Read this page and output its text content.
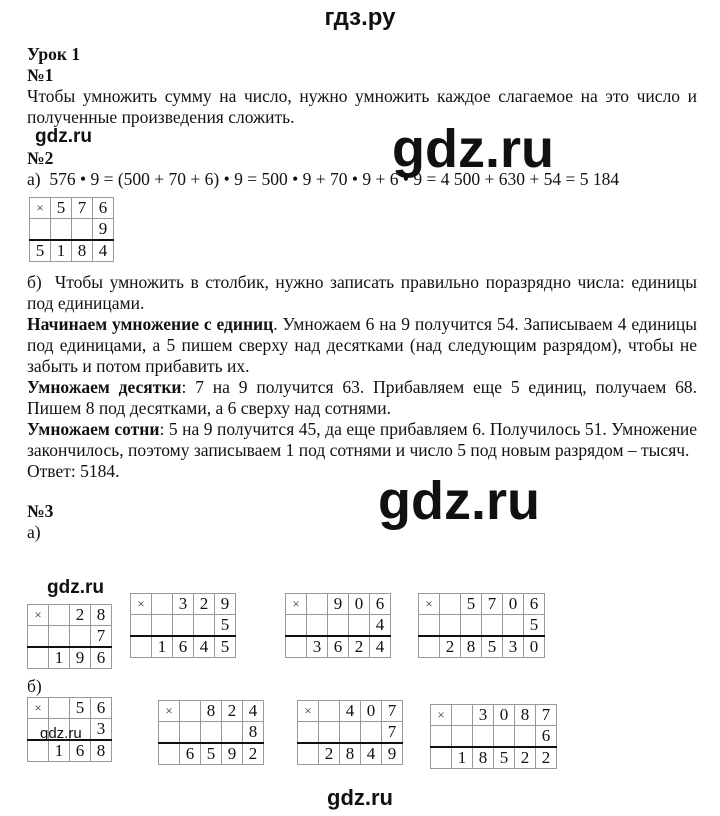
гдз.ру

Урок 1

№1

Чтобы умножить сумму на число, нужно умножить каждое слагаемое на это число и полученные произведения сложить.

№2

а) 576 • 9 = (500 + 70 + 6) • 9 = 500 • 9 + 70 • 9 + 6 • 9 = 4 500 + 630 + 54 = 5 184

б) Чтобы умножить в столбик, нужно записать правильно поразрядно числа: единицы под единицами.

Начинаем умножение с единиц. Умножаем 6 на 9 получится 54. Записываем 4 единицы под единицами, а 5 пишем сверху над десятками (над следующим разрядом), чтобы не забыть и потом прибавить их.

Умножаем десятки: 7 на 9 получится 63. Прибавляем еще 5 единиц, получаем 68. Пишем 8 под десятками, а 6 сверху над сотнями.

Умножаем сотни: 5 на 9 получится 45, да еще прибавляем 6. Получилось 51. Умножение закончилось, поэтому записываем 1 под сотнями и число 5 под новым разрядом – тысяч.

Ответ: 5184.

№3

а)

б)
×	5	7	6
			9
5	1	8	4
×		2	8
			7
	1	9	6
×		3	2	9
				5
	1	6	4	5
×		9	0	6
				4
	3	6	2	4
×		5	7	0	6
					5
	2	8	5	3	0
×		5	6
			3
	1	6	8
×		8	2	4
				8
	6	5	9	2
×		4	0	7
				7
	2	8	4	9
×		3	0	8	7
					6
	1	8	5	2	2
gdz.ru
gdz.ru
gdz.ru
gdz.ru
gdz.ru
gdz.ru
